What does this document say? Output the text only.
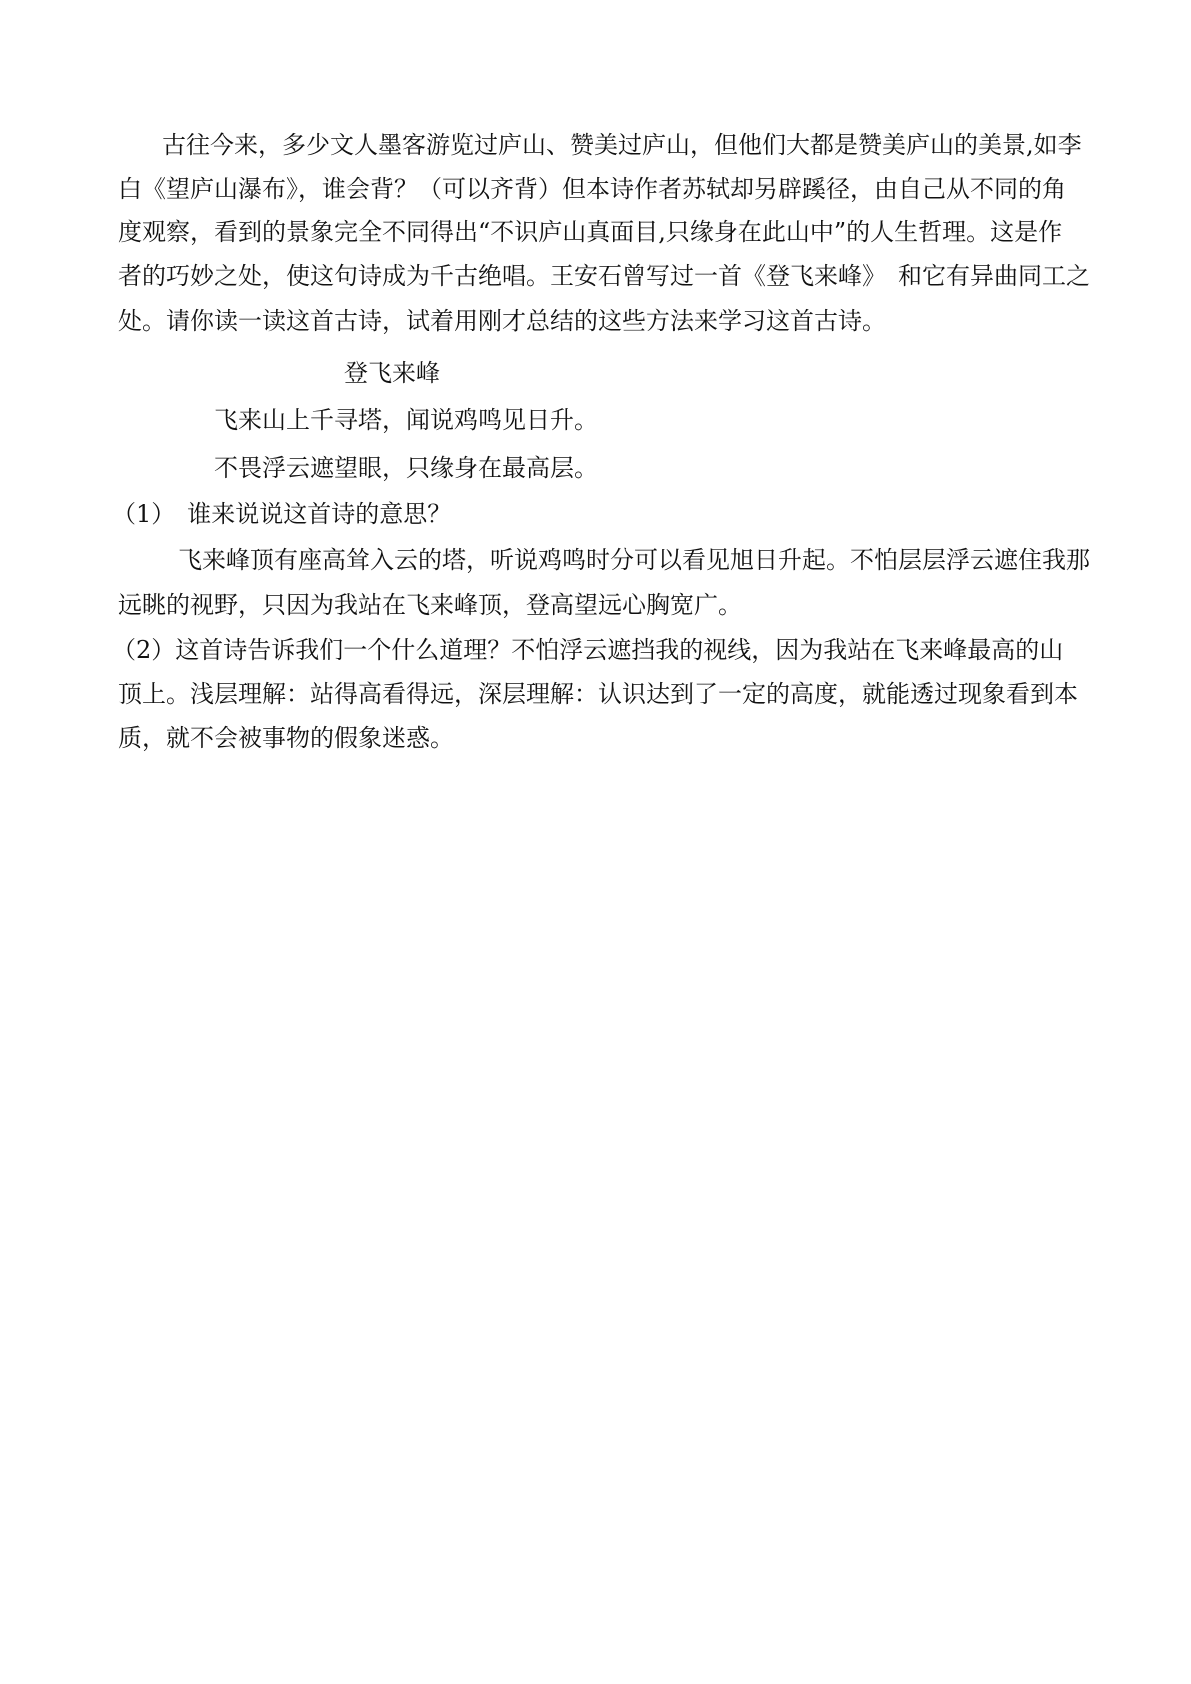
古往今来，多少文人墨客游览过庐山、赞美过庐山，但他们大都是赞美庐山的美景,如李

白《望庐山瀑布》，谁会背？（可以齐背）但本诗作者苏轼却另辟蹊径，由自己从不同的角

度观察，看到的景象完全不同得出“不识庐山真面目,只缘身在此山中”的人生哲理。这是作

者的巧妙之处，使这句诗成为千古绝唱。王安石曾写过一首《登飞来峰》　和它有异曲同工之

处。请你读一读这首古诗，试着用刚才总结的这些方法来学习这首古诗。

登飞来峰

飞来山上千寻塔，闻说鸡鸣见日升。

不畏浮云遮望眼，只缘身在最高层。

（1）　谁来说说这首诗的意思？

飞来峰顶有座高耸入云的塔，听说鸡鸣时分可以看见旭日升起。不怕层层浮云遮住我那

远眺的视野，只因为我站在飞来峰顶，登高望远心胸宽广。

（2）这首诗告诉我们一个什么道理？不怕浮云遮挡我的视线，因为我站在飞来峰最高的山

顶上。浅层理解：站得高看得远，深层理解：认识达到了一定的高度，就能透过现象看到本

质，就不会被事物的假象迷惑。
